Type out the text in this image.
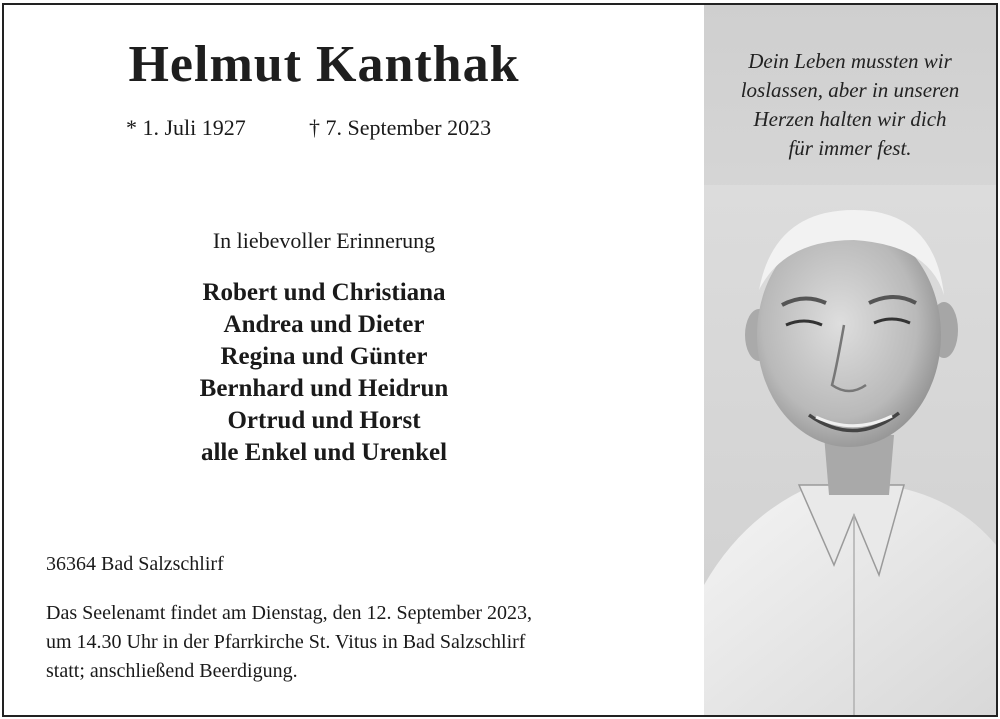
Helmut Kanthak
* 1. Juli 1927	† 7. September 2023
In liebevoller Erinnerung
Robert und Christiana
Andrea und Dieter
Regina und Günter
Bernhard und Heidrun
Ortrud und Horst
alle Enkel und Urenkel
36364 Bad Salzschlirf
Das Seelenamt findet am Dienstag, den 12. September 2023,
um 14.30 Uhr in der Pfarrkirche St. Vitus in Bad Salzschlirf
statt; anschließend Beerdigung.
Dein Leben mussten wir
loslassen, aber in unseren
Herzen halten wir dich
für immer fest.
